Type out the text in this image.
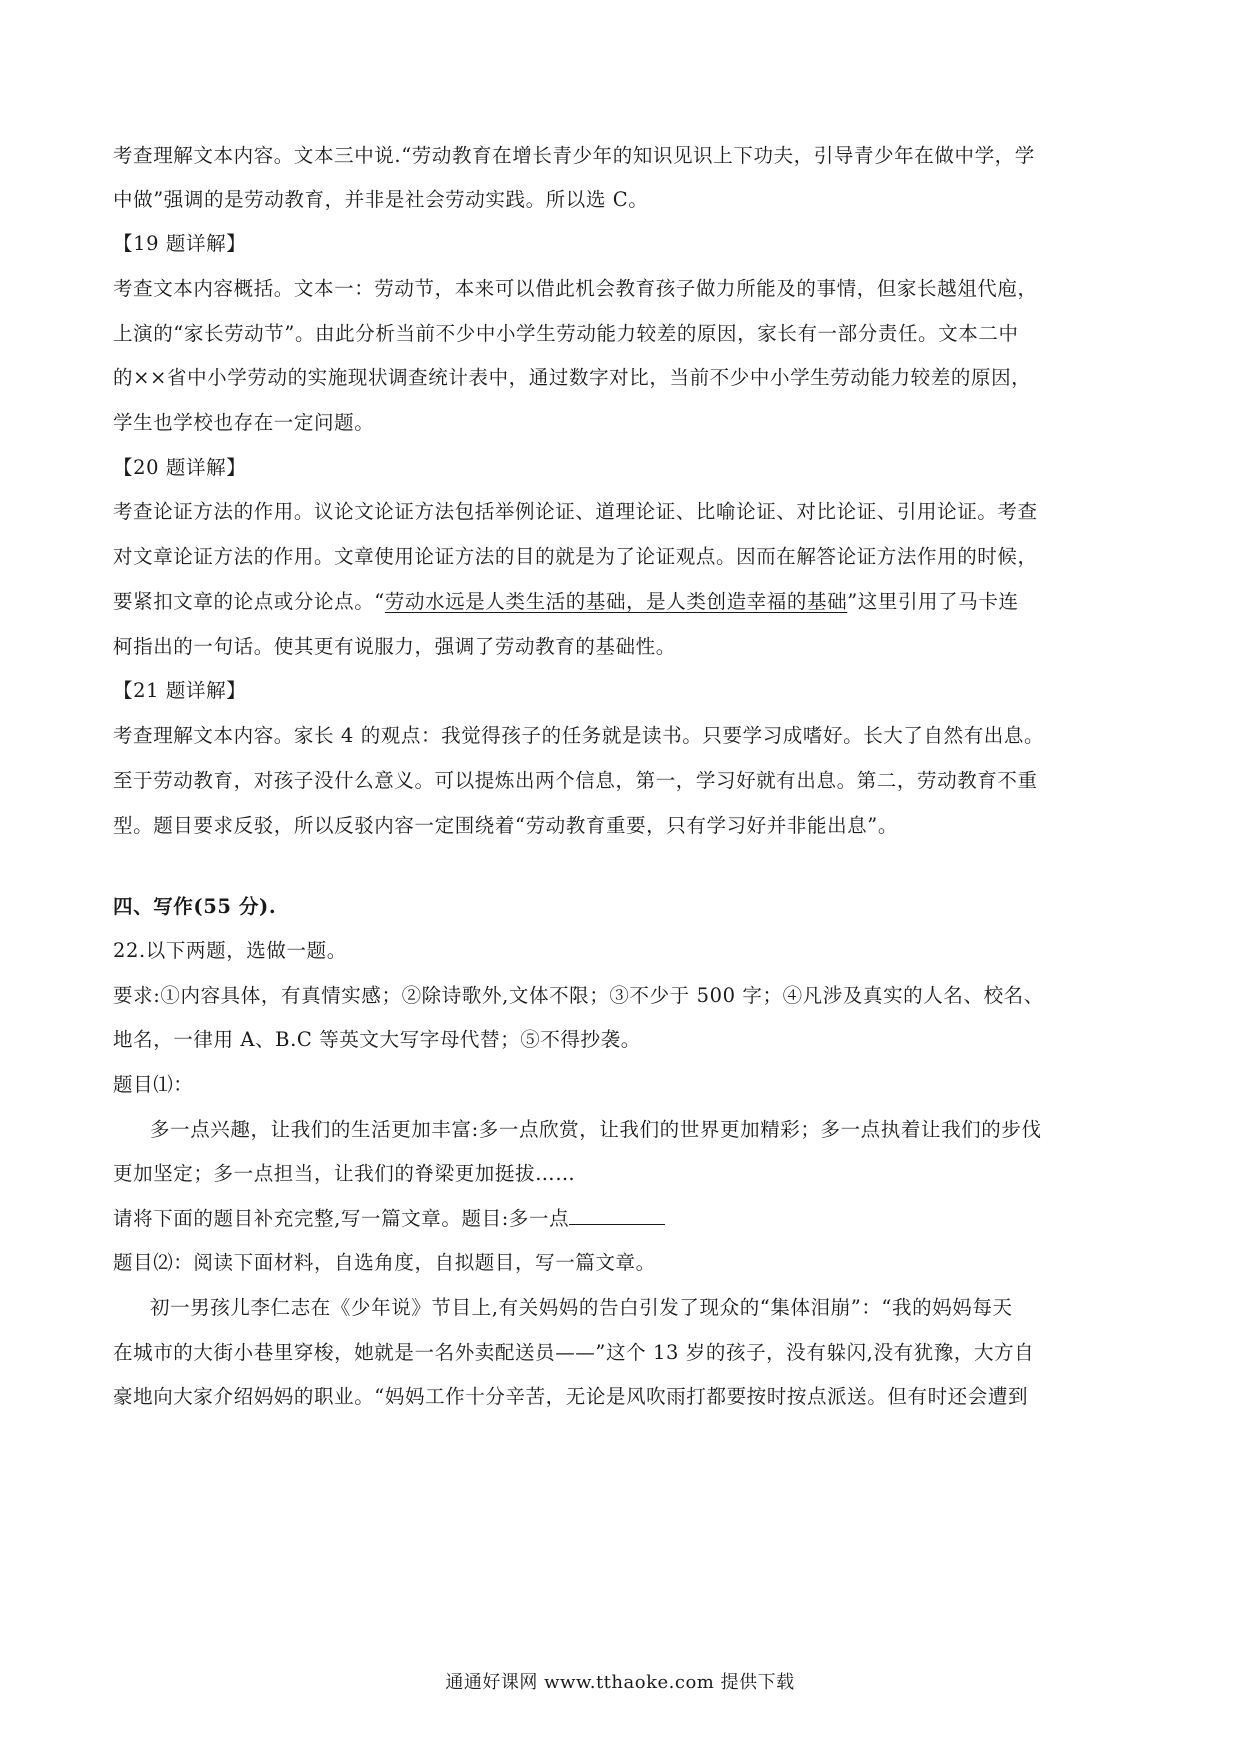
考查理解文本内容。文本三中说.“劳动教育在增长青少年的知识见识上下功夫，引导青少年在做中学，学
中做”强调的是劳动教育，并非是社会劳动实践。所以选 C。
【19 题详解】
考查文本内容概括。文本一：劳动节，本来可以借此机会教育孩子做力所能及的事情，但家长越俎代庖，
上演的“家长劳动节”。由此分析当前不少中小学生劳动能力较差的原因，家长有一部分责任。文本二中
的××省中小学劳动的实施现状调查统计表中，通过数字对比，当前不少中小学生劳动能力较差的原因，
学生也学校也存在一定问题。
【20 题详解】
考查论证方法的作用。议论文论证方法包括举例论证、道理论证、比喻论证、对比论证、引用论证。考查
对文章论证方法的作用。文章使用论证方法的目的就是为了论证观点。因而在解答论证方法作用的时候，
要紧扣文章的论点或分论点。“劳动水远是人类生活的基础，是人类创造幸福的基础”这里引用了马卡连
柯指出的一句话。使其更有说服力，强调了劳动教育的基础性。
【21 题详解】
考查理解文本内容。家长 4 的观点：我觉得孩子的任务就是读书。只要学习成嗜好。长大了自然有出息。
至于劳动教育，对孩子没什么意义。可以提炼出两个信息，第一，学习好就有出息。第二，劳动教育不重
型。题目要求反驳，所以反驳内容一定围绕着“劳动教育重要，只有学习好并非能出息”。
四、写作(55 分).
22.以下两题，选做一题。
要求:①内容具体，有真情实感；②除诗歌外,文体不限；③不少于 500 字；④凡涉及真实的人名、校名、
地名，一律用 A、B.C 等英文大写字母代替；⑤不得抄袭。
题目⑴：
多一点兴趣，让我们的生活更加丰富:多一点欣赏，让我们的世界更加精彩；多一点执着让我们的步伐
更加坚定；多一点担当，让我们的脊梁更加挺拔……
请将下面的题目补充完整,写一篇文章。题目:多一点
题目⑵：阅读下面材料，自选角度，自拟题目，写一篇文章。
初一男孩儿李仁志在《少年说》节目上,有关妈妈的告白引发了现众的“集体泪崩”：“我的妈妈每天
在城市的大街小巷里穿梭，她就是一名外卖配送员——”这个 13 岁的孩子，没有躲闪,没有犹豫，大方自
豪地向大家介绍妈妈的职业。“妈妈工作十分辛苦，无论是风吹雨打都要按时按点派送。但有时还会遭到
通通好课网 www.tthaoke.com 提供下载
